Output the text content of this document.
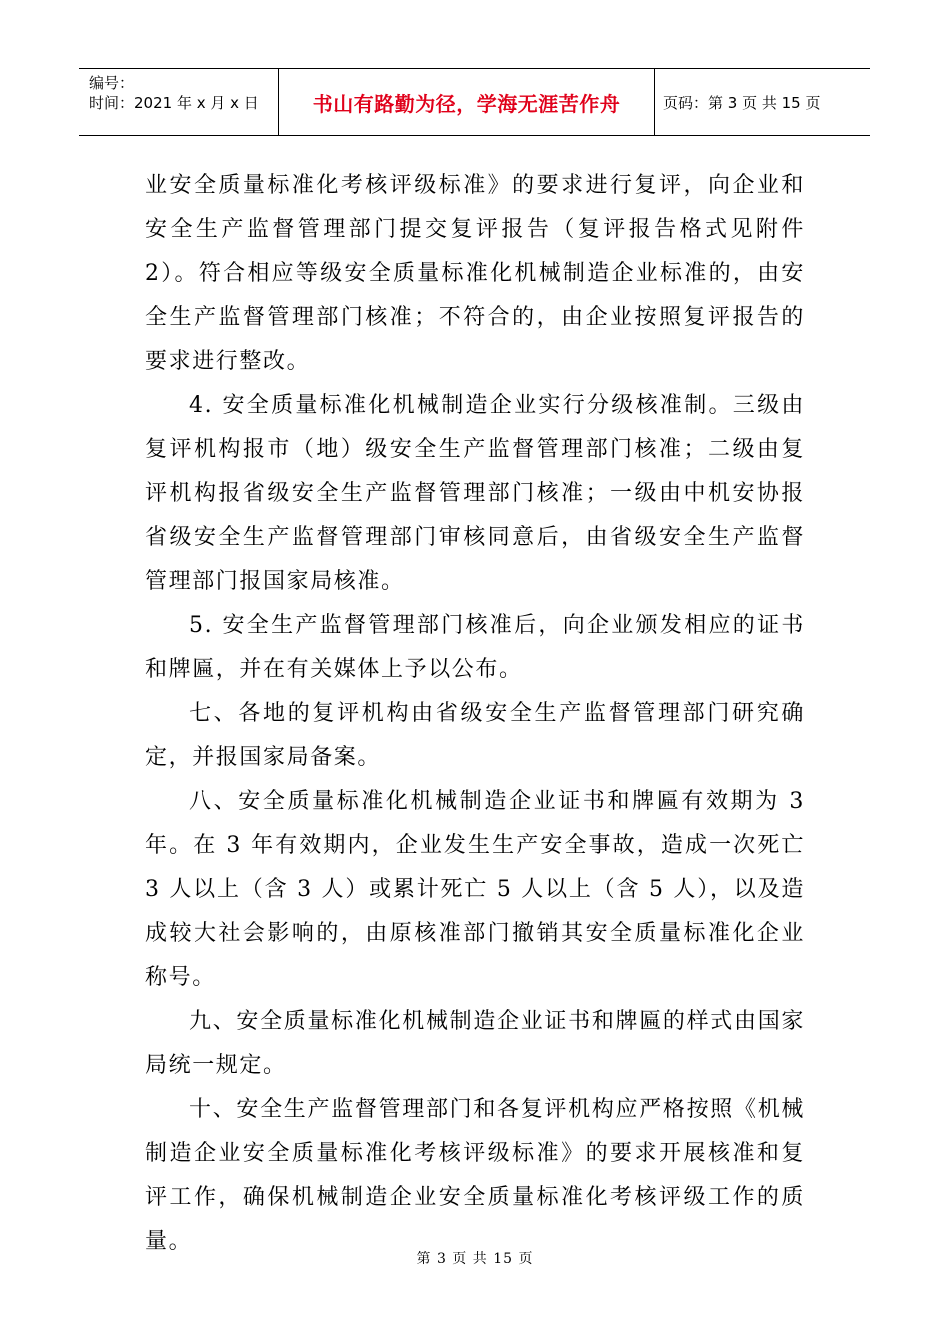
编号：
时间：2021 年 x 月 x 日	书山有路勤为径，学海无涯苦作舟	页码：第 3 页 共 15 页

业安全质量标准化考核评级标准》的要求进行复评，向企业和安全生产监督管理部门提交复评报告（复评报告格式见附件 2）。符合相应等级安全质量标准化机械制造企业标准的，由安全生产监督管理部门核准；不符合的，由企业按照复评报告的要求进行整改。

4. 安全质量标准化机械制造企业实行分级核准制。三级由复评机构报市（地）级安全生产监督管理部门核准；二级由复评机构报省级安全生产监督管理部门核准；一级由中机安协报省级安全生产监督管理部门审核同意后，由省级安全生产监督管理部门报国家局核准。

5. 安全生产监督管理部门核准后，向企业颁发相应的证书和牌匾，并在有关媒体上予以公布。

七、各地的复评机构由省级安全生产监督管理部门研究确定，并报国家局备案。

八、安全质量标准化机械制造企业证书和牌匾有效期为 3 年。在 3 年有效期内，企业发生生产安全事故，造成一次死亡 3 人以上（含 3 人）或累计死亡 5 人以上（含 5 人），以及造成较大社会影响的，由原核准部门撤销其安全质量标准化企业称号。

九、安全质量标准化机械制造企业证书和牌匾的样式由国家局统一规定。

十、安全生产监督管理部门和各复评机构应严格按照《机械制造企业安全质量标准化考核评级标准》的要求开展核准和复评工作，确保机械制造企业安全质量标准化考核评级工作的质量。

第 3 页 共 15 页
